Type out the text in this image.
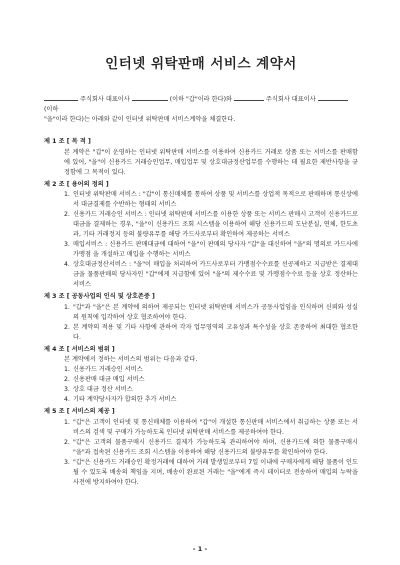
인터넷 위탁판매 서비스 계약서
주식회사 대표이사	(이하 "갑"이라 한다)와	주식회사 대표이사  (이하
"을"이라 한다)는 아래와 같이 인터넷 위탁판매 서비스계약을 체결한다.
제 1 조 [ 목 적 ]
본 계약은 "갑"이 운영하는 인터넷 위탁판매 서비스를 이용하여 신용카드 거래로 상품 또는 서비스를 판매함에 있어, "을"이 신용카드 거래승인업무, 매입업무 및 상호대금정산업무를 수행하는 데 필요한 제반사항을 규정함에 그 목적이 있다.
제 2 조 [ 용어의 정의 ]
1. 인터넷 위탁판매 서비스 : "갑"이 통신매체를 통하여 상품 및 서비스를 상업적 목적으로 판매하며 통신상에서 대금결제를 수반하는 형태의 서비스
2. 신용카드 거래승인 서비스 : 인터넷 위탁판매 서비스를 이용한 상품 또는 서비스 판매시 고객이 신용카드로 대금을 결제하는 경우, "을"이 신용카드 조회 시스템을 이용하여 해당 신용카드의 도난분실, 연체, 한도초과, 기타 거래정지 등의 불량유무를 해당 카드사로부터 확인하여 제공하는 서비스
3. 매입서비스 : 신용카드 판매대금에 대하여 "을"이 판매의 당사자 "갑"을 대신하여 "을"의 명의로 카드사에 가맹점 을 개설하고 매입을 수행하는 서비스
4. 상호대금정산서비스 : "을"이 매입을 처리하여 카드사로부터 가맹점수수료를 선공제하고 지급받은 결제대금을 물품판매의 당사자인 "갑"에게 지급함에 있어 "을"의 제수수료 및 가맹점수수료 등을 상호 정산하는 서비스
제 3 조 [ 공동사업의 인식 및 상호존중 ]
1. "갑"과 "을"은 본 계약에 의하여 제공되는 인터넷 위탁판매 서비스가 공동사업임을 인식하며 신뢰와 성실의 원칙에 입각하여 상호 협조하여야 한다.
2. 본 계약의 적용 및 기타 사항에 관하여 각자 업무영역의 고유성과 특수성을 상호 존중하여 최대한 협조한다.
제 4 조 [ 서비스의 범위 ]
본 계약에서 정하는 서비스의 범위는 다음과 같다.
1. 신용카드 거래승인 서비스
2. 신용판매 대금 매입 서비스
3. 상호 대금 정산 서비스
4. 기타 계약당사자가 합의한 추가 서비스
제 5 조 [ 서비스의 제공 ]
1. "갑"은 고객이 인터넷 및 통신매체를 이용하여 "갑"이 개설한 통신판매 서비스에서 취급하는 상품 또는 서비스의 검색 및 구매가 가능하도록 인터넷 위탁판매 서비스를 제공하여야 한다.
2. "갑"은 고객의 물품구매시 신용카드 결제가 가능하도록 관리하여야 하며, 신용카드에 의한 물품구매시 "을"과 접속된 신용카드 조회 시스템을 이용하여 해당 신용카드의 불량유무를 확인하여야 한다.
3. "갑"은 신용카드 거래승인 확정거래에 대하여 거래 발생일로부터 7일 이내에 구매자에게 해당 물품이 인도될 수 있도록 배송의 책임을 지며, 배송이 완료된 거래는 "을"에게 즉시 데이터로 전송하여 매입의 누락을 사전에 방지하여야 한다.
- 1 -
